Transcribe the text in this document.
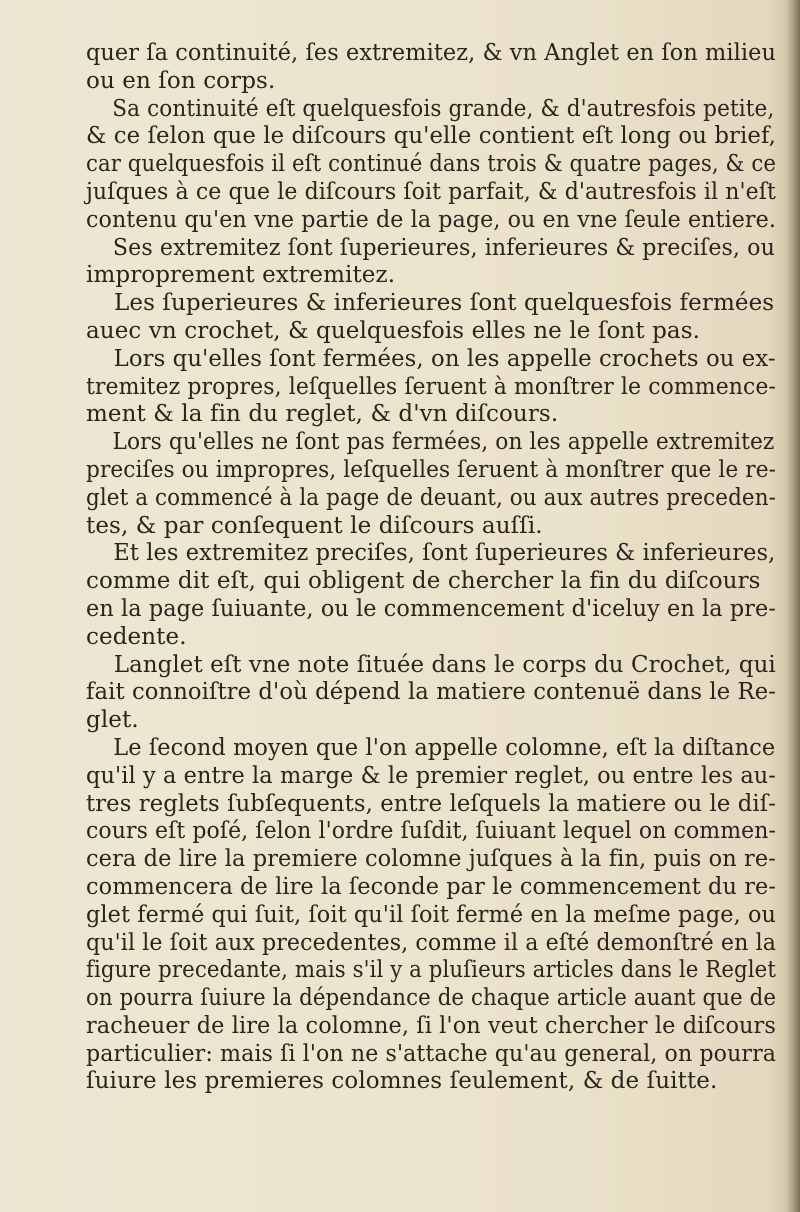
quer ſa continuité, ſes extremitez, & vn Anglet en ſon milieu
ou en ſon corps.
Sa continuité eſt quelquesfois grande, & d'autresfois petite,
& ce ſelon que le diſcours qu'elle contient eſt long ou brief,
car quelquesfois il eſt continué dans trois & quatre pages, & ce
juſques à ce que le diſcours ſoit parfait, & d'autresfois il n'eſt
contenu qu'en vne partie de la page, ou en vne ſeule entiere.
Ses extremitez ſont ſuperieures, inferieures & preciſes, ou
improprement extremitez.
Les ſuperieures & inferieures ſont quelquesfois fermées
auec vn crochet, & quelquesfois elles ne le ſont pas.
Lors qu'elles ſont fermées, on les appelle crochets ou ex-
tremitez propres, leſquelles ſeruent à monſtrer le commence-
ment & la fin du reglet, & d'vn diſcours.
Lors qu'elles ne ſont pas fermées, on les appelle extremitez
preciſes ou impropres, leſquelles ſeruent à monſtrer que le re-
glet a commencé à la page de deuant, ou aux autres preceden-
tes, & par conſequent le diſcours auſſi.
Et les extremitez preciſes, ſont ſuperieures & inferieures,
comme dit eſt, qui obligent de chercher la fin du diſcours
en la page ſuiuante, ou le commencement d'iceluy en la pre-
cedente.
Langlet eſt vne note ſituée dans le corps du Crochet, qui
fait connoiſtre d'où dépend la matiere contenuë dans le Re-
glet.
Le ſecond moyen que l'on appelle colomne, eſt la diſtance
qu'il y a entre la marge & le premier reglet, ou entre les au-
tres reglets ſubſequents, entre leſquels la matiere ou le diſ-
cours eſt poſé, ſelon l'ordre ſuſdit, ſuiuant lequel on commen-
cera de lire la premiere colomne juſques à la fin, puis on re-
commencera de lire la ſeconde par le commencement du re-
glet fermé qui ſuit, ſoit qu'il ſoit fermé en la meſme page, ou
qu'il le ſoit aux precedentes, comme il a eſté demonſtré en la
figure precedante, mais s'il y a pluſieurs articles dans le Reglet
on pourra ſuiure la dépendance de chaque article auant que de
racheuer de lire la colomne, ſi l'on veut chercher le diſcours
particulier: mais ſi l'on ne s'attache qu'au general, on pourra
ſuiure les premieres colomnes ſeulement, & de ſuitte.
